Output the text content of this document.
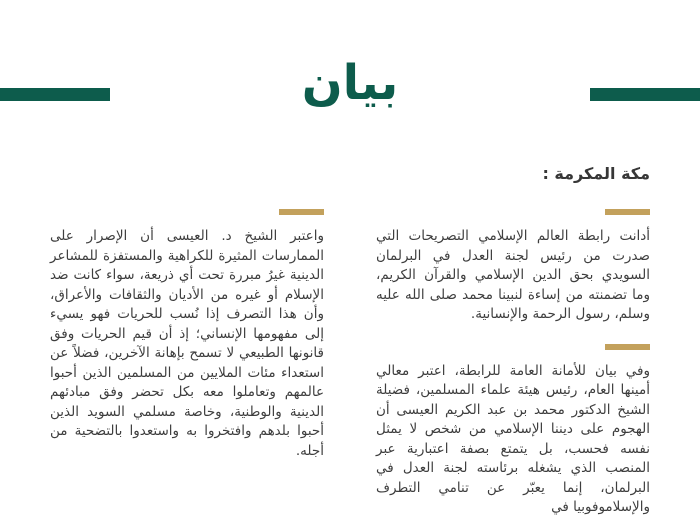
بيان
مكة المكرمة :

أدانت رابطة العالم الإسلامي التصريحات التي صدرت من رئيس لجنة العدل في البرلمان السويدي بحق الدين الإسلامي والقرآن الكريم، وما تضمنته من إساءة لنبينا محمد صلى الله عليه وسلم، رسول الرحمة والإنسانية.

وفي بيان للأمانة العامة للرابطة، اعتبر معالي أمينها العام، رئيس هيئة علماء المسلمين، فضيلة الشيخ الدكتور محمد بن عبد الكريم العيسى أن الهجوم على ديننا الإسلامي من شخص لا يمثل نفسه فحسب، بل يتمتع بصفة اعتبارية عبر المنصب الذي يشغله برئاسته لجنة العدل في البرلمان، إنما يعبّر عن تنامي التطرف والإسلاموفوبيا في

واعتبر الشيخ د. العيسى أن الإصرار على الممارسات المثيرة للكراهية والمستفزة للمشاعر الدينية غيرُ مبررة تحت أي ذريعة، سواء كانت ضد الإسلام أو غيره من الأديان والثقافات والأعراق، وأن هذا التصرف إذا نُسب للحريات فهو يسيء إلى مفهومها الإنساني؛ إذ أن قيم الحريات وفق قانونها الطبيعي لا تسمح بإهانة الآخرين، فضلاً عن استعداء مئات الملايين من المسلمين الذين أحبوا عالمهم وتعاملوا معه بكل تحضر وفق مبادئهم الدينية والوطنية، وخاصة مسلمي السويد الذين أحبوا بلدهم وافتخروا به واستعدوا بالتضحية من أجله.
